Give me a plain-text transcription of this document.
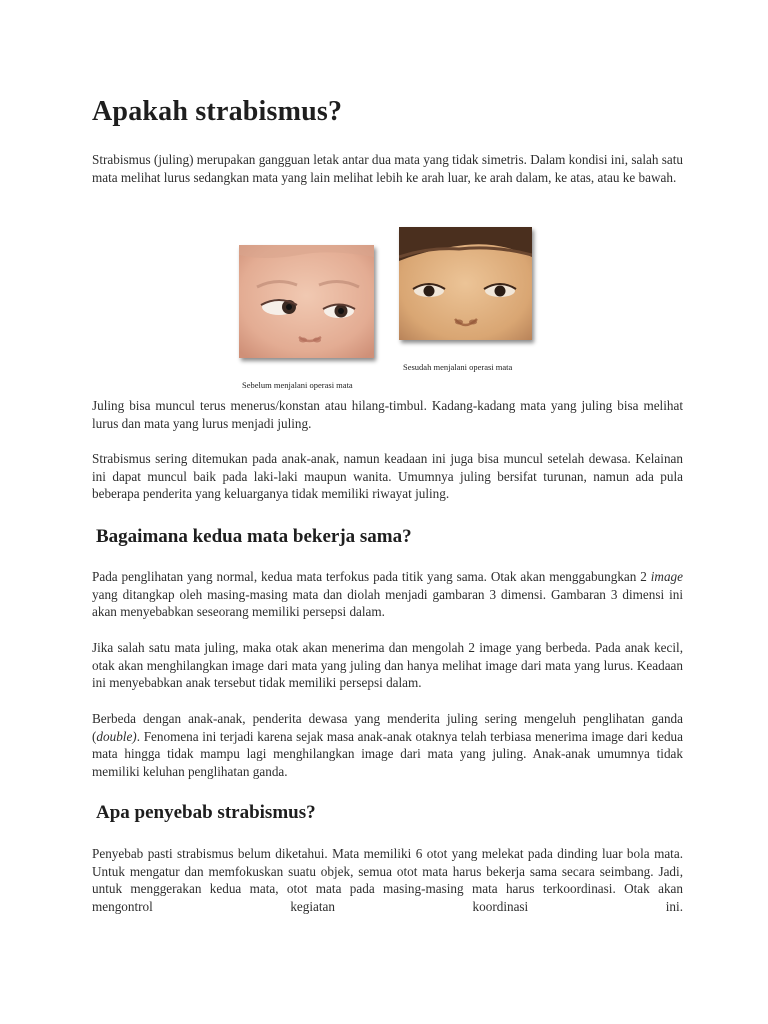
Apakah strabismus?

Strabismus (juling) merupakan gangguan letak antar dua mata yang tidak simetris. Dalam kondisi ini, salah satu mata melihat lurus sedangkan mata yang lain melihat lebih ke arah luar, ke arah dalam, ke atas, atau ke bawah.

Sesudah menjalani operasi mata
Sebelum menjalani operasi mata

Juling bisa muncul terus menerus/konstan atau hilang-timbul. Kadang-kadang mata yang juling bisa melihat lurus dan mata yang lurus menjadi juling.

Strabismus sering ditemukan pada anak-anak, namun keadaan ini juga bisa muncul setelah dewasa. Kelainan ini dapat muncul baik pada laki-laki maupun wanita. Umumnya juling bersifat turunan, namun ada pula beberapa penderita yang keluarganya tidak memiliki riwayat juling.

Bagaimana kedua mata bekerja sama?

Pada penglihatan yang normal, kedua mata terfokus pada titik yang sama. Otak akan menggabungkan 2 image yang ditangkap oleh masing-masing mata dan diolah menjadi gambaran 3 dimensi. Gambaran 3 dimensi ini akan menyebabkan seseorang memiliki persepsi dalam.

Jika salah satu mata juling, maka otak akan menerima dan mengolah 2 image yang berbeda. Pada anak kecil, otak akan menghilangkan image dari mata yang juling dan hanya melihat image dari mata yang lurus. Keadaan ini menyebabkan anak tersebut tidak memiliki persepsi dalam.

Berbeda dengan anak-anak, penderita dewasa yang menderita juling sering mengeluh penglihatan ganda (double). Fenomena ini terjadi karena sejak masa anak-anak otaknya telah terbiasa menerima image dari kedua mata hingga tidak mampu lagi menghilangkan image dari mata yang juling. Anak-anak umumnya tidak memiliki keluhan penglihatan ganda.

Apa penyebab strabismus?

Penyebab pasti strabismus belum diketahui. Mata memiliki 6 otot yang melekat pada dinding luar bola mata. Untuk mengatur dan memfokuskan suatu objek, semua otot mata harus bekerja sama secara seimbang. Jadi, untuk menggerakan kedua mata, otot mata pada masing-masing mata harus terkoordinasi. Otak akan mengontrol kegiatan koordinasi ini.
